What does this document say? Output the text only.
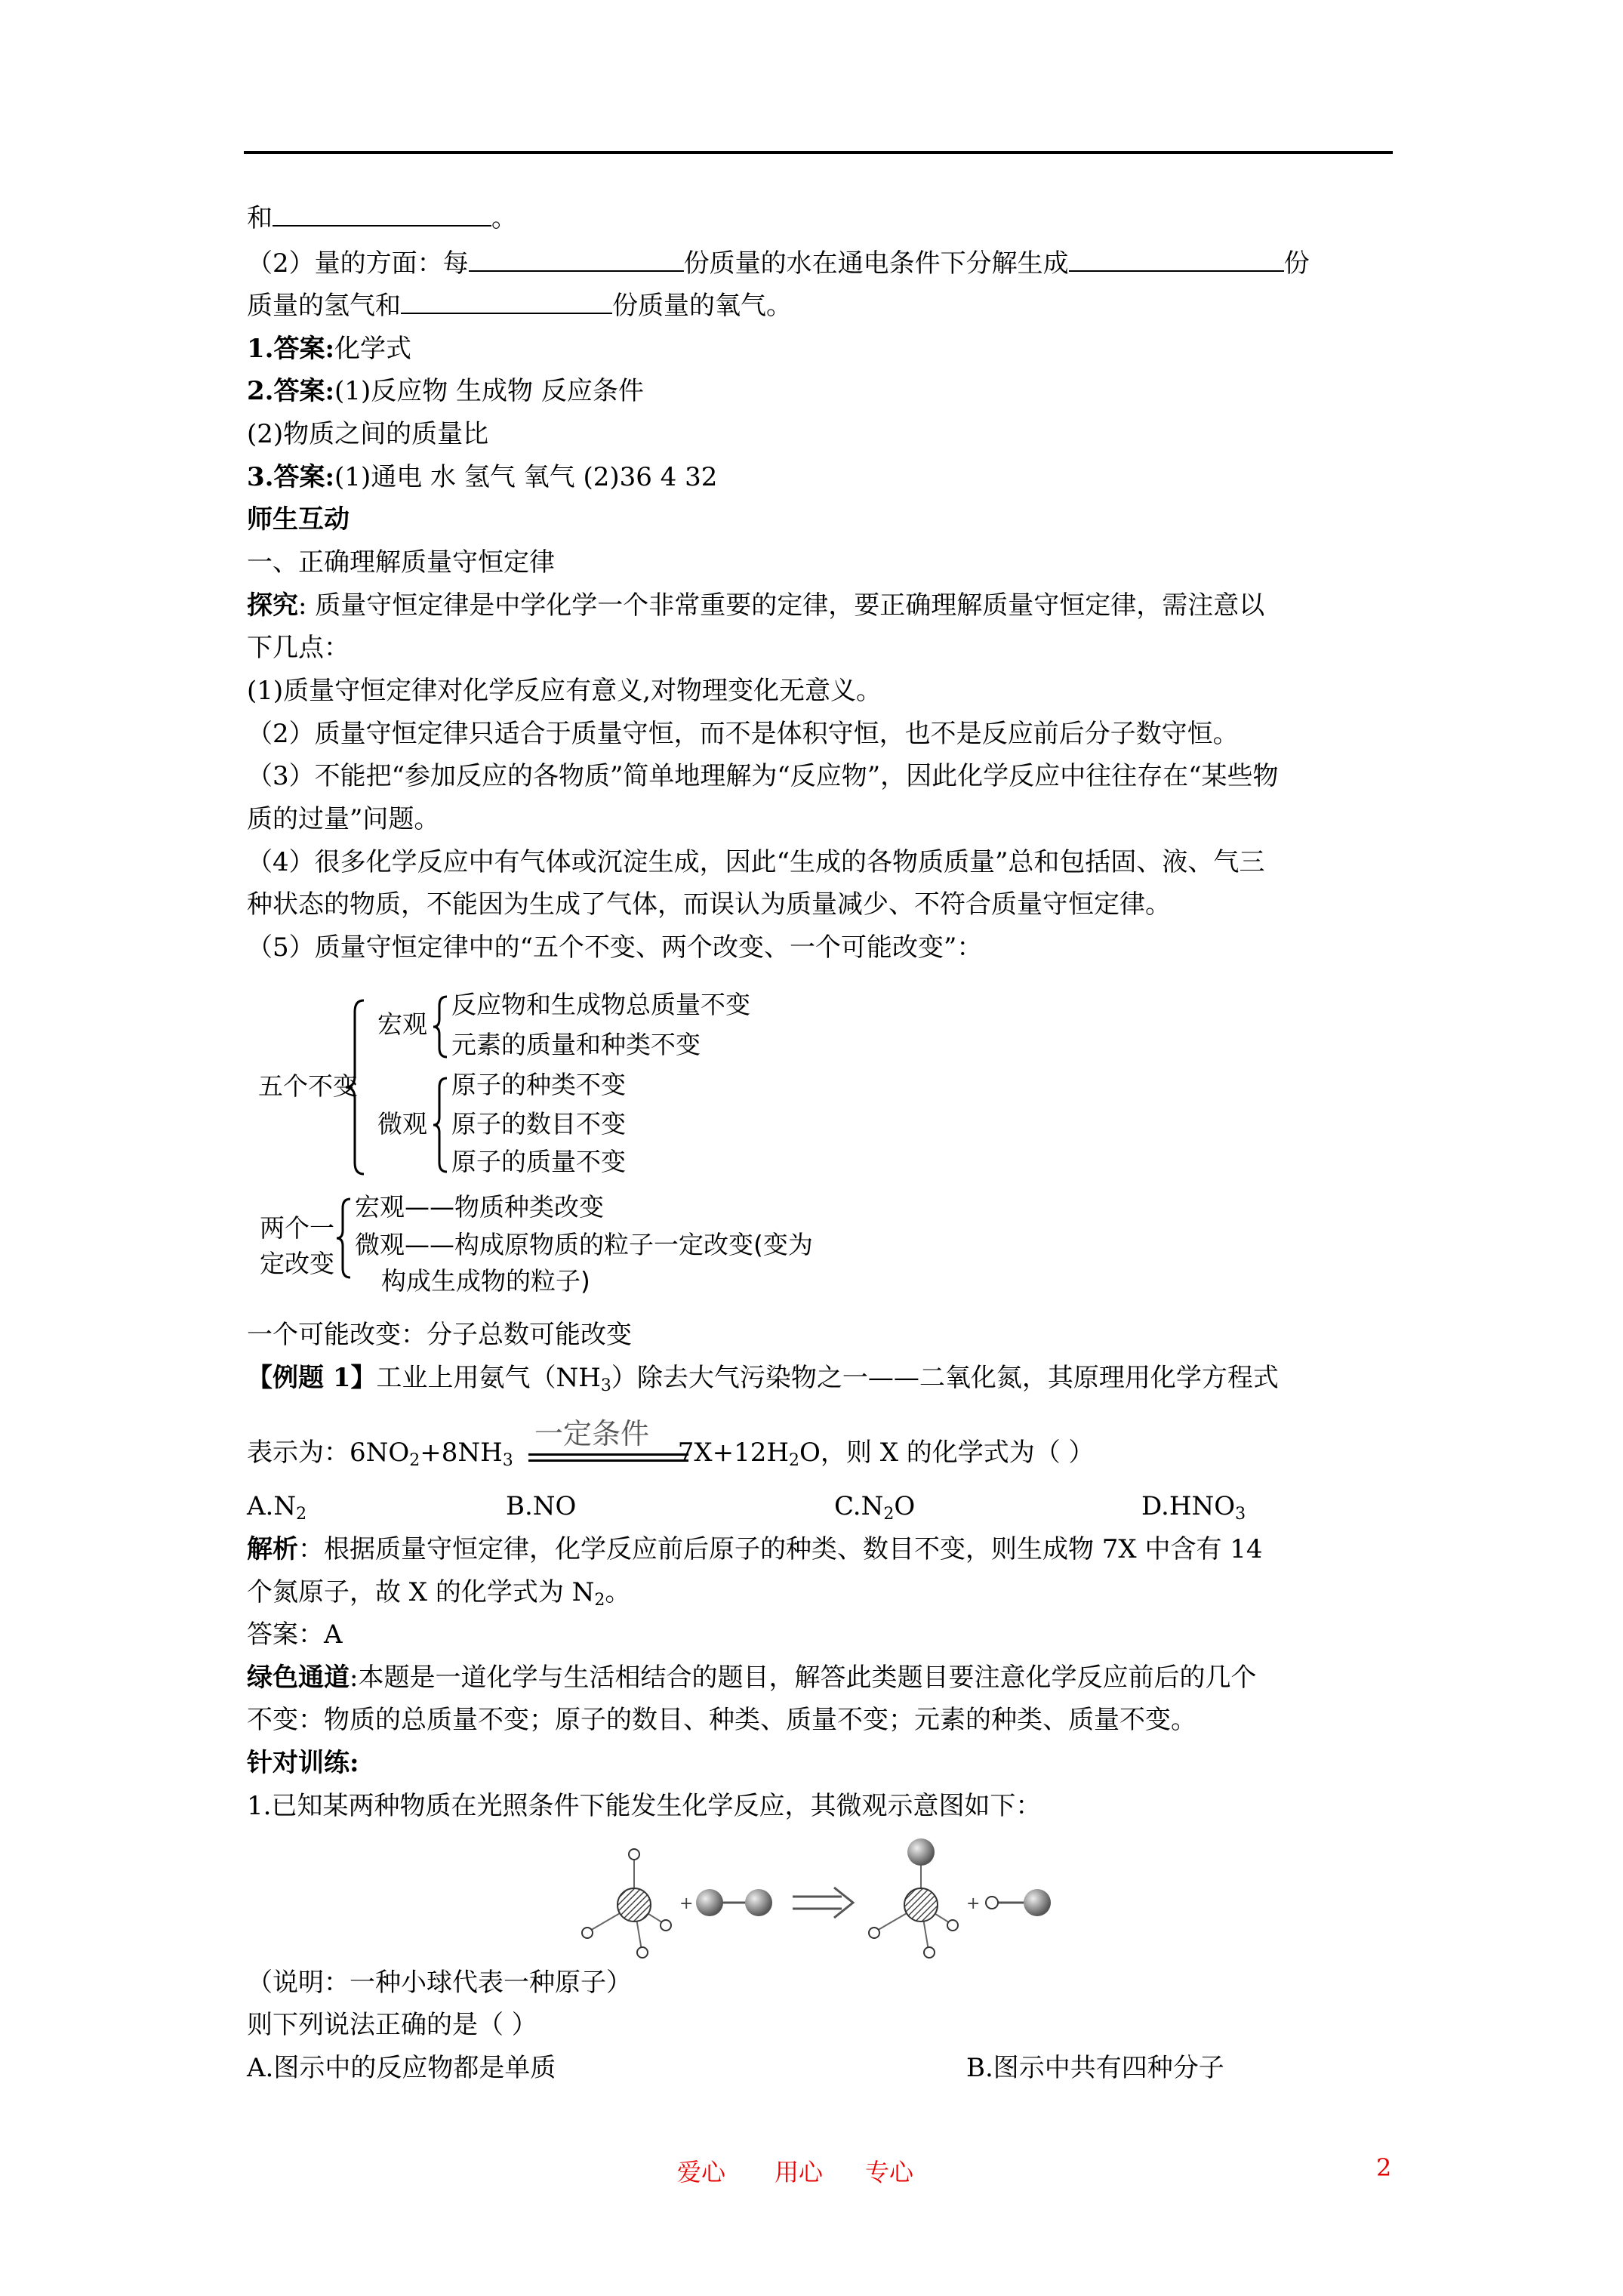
和	。
（2）量的方面：每	份质量的水在通电条件下分解生成	份
质量的氢气和	份质量的氧气。
1.答案:化学式
2.答案:(1)反应物 生成物 反应条件
(2)物质之间的质量比
3.答案:(1)通电 水 氢气 氧气 (2)36 4 32
师生互动
一、正确理解质量守恒定律
探究: 质量守恒定律是中学化学一个非常重要的定律，要正确理解质量守恒定律，需注意以
下几点：
(1)质量守恒定律对化学反应有意义,对物理变化无意义。
（2）质量守恒定律只适合于质量守恒，而不是体积守恒，也不是反应前后分子数守恒。
（3）不能把“参加反应的各物质”简单地理解为“反应物”，因此化学反应中往往存在“某些物
质的过量”问题。
（4）很多化学反应中有气体或沉淀生成，因此“生成的各物质质量”总和包括固、液、气三
种状态的物质，不能因为生成了气体，而误认为质量减少、不符合质量守恒定律。
（5）质量守恒定律中的“五个不变、两个改变、一个可能改变”：
五个不变
宏观
反应物和生成物总质量不变
元素的质量和种类不变
微观
原子的种类不变
原子的数目不变
原子的质量不变
两个一
定改变
宏观——物质种类改变
微观——构成原物质的粒子一定改变(变为
构成生成物的粒子)
一个可能改变：分子总数可能改变
【例题 1】工业上用氨气$(NH_3)$除去大气污染物之一——二氧化氮，其原理用化学方程式
一定条件
表示为：$6NO_2+8NH_3$	$7X+12H_2O$，则 X 的化学式为（ ）
$A.N_2$	B.NO	$C.N_2O$	$D.HNO_3$
解析：根据质量守恒定律，化学反应前后原子的种类、数目不变，则生成物 7X 中含有 14
个氮原子，故 X 的化学式为 $N_2$。
答案：A
绿色通道:本题是一道化学与生活相结合的题目，解答此类题目要注意化学反应前后的几个
不变：物质的总质量不变；原子的数目、种类、质量不变；元素的种类、质量不变。
针对训练:
1.已知某两种物质在光照条件下能发生化学反应，其微观示意图如下：
+	+
（说明：一种小球代表一种原子）
则下列说法正确的是（ ）
A.图示中的反应物都是单质	B.图示中共有四种分子
爱心 用心 专心	2
